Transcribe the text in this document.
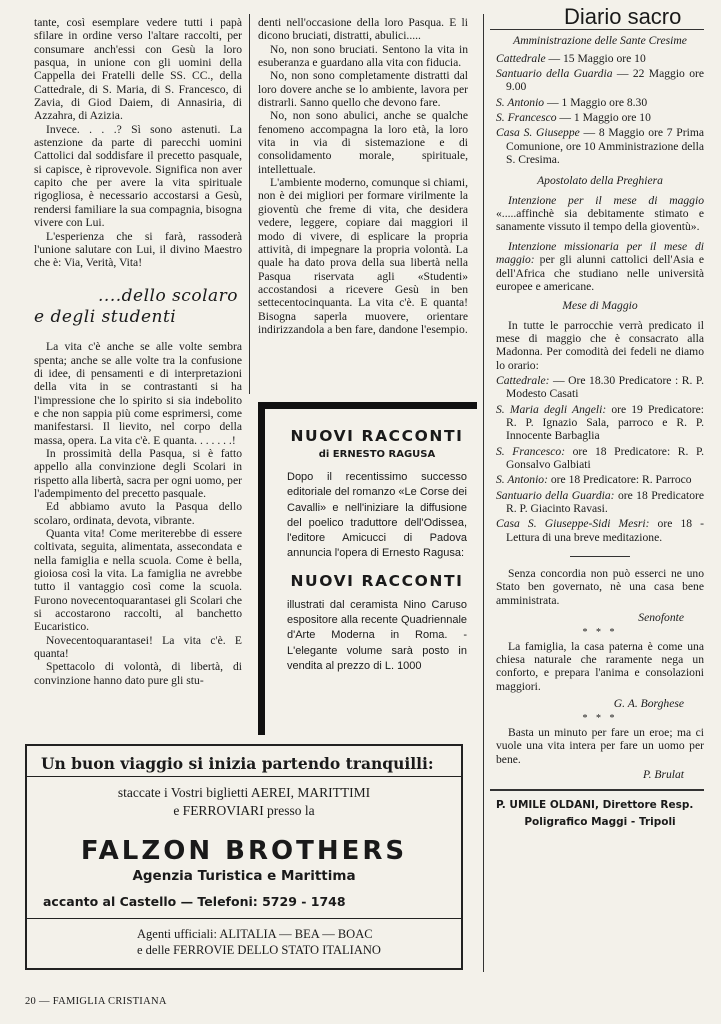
tante, così esemplare vedere tutti i papà sfilare in ordine verso l'altare raccolti, per consumare anch'essi con Gesù la loro pasqua, in unione con gli uomini della Cappella dei Fratelli delle SS. CC., della Cattedrale, di S. Maria, di S. Francesco, di Zavia, di Giod Daiem, di Annasiria, di Azzahra, di Azizia.

Invece. . . .? Sì sono astenuti. La astenzione da parte di parecchi uomini Cattolici dal soddisfare il precetto pasquale, si capisce, è riprovevole. Significa non aver capito che per avere la vita spirituale rigogliosa, è necessario accostarsi a Gesù, rendersi familiare la sua compagnia, bisogna vivere con Lui.

L'esperienza che si farà, rassoderà l'unione salutare con Lui, il divino Maestro che è: Via, Verità, Vita!

....dello scolaro
e degli studenti

La vita c'è anche se alle volte sembra spenta; anche se alle volte tra la confusione di idee, di pensamenti e di interpretazioni della vita in se contrastanti si ha l'impressione che lo spirito si sia indebolito e che non sappia più come esprimersi, come manifestarsi. Il lievito, nel corpo della massa, opera. La vita c'è. E quanta. . . . . . .!

In prossimità della Pasqua, si è fatto appello alla convinzione degli Scolari in rispetto alla libertà, sacra per ogni uomo, per l'adempimento del precetto pasquale.

Ed abbiamo avuto la Pasqua dello scolaro, ordinata, devota, vibrante.

Quanta vita! Come meriterebbe di essere coltivata, seguita, alimentata, assecondata e nella famiglia e nella scuola. Come è bella, gioiosa così la vita. La famiglia ne avrebbe tutto il vantaggio così come la scuola. Furono novecentoquarantasei gli Scolari che si accostarono raccolti, al banchetto Eucaristico.

Novecentoquarantasei! La vita c'è. E quanta!

Spettacolo di volontà, di libertà, di convinzione hanno dato pure gli stu-

denti nell'occasione della loro Pasqua. E li dicono bruciati, distratti, abulici.....

No, non sono bruciati. Sentono la vita in esuberanza e guardano alla vita con fiducia.

No, non sono completamente distratti dal loro dovere anche se lo ambiente, lavora per distrarli. Sanno quello che devono fare.

No, non sono abulici, anche se qualche fenomeno accompagna la loro età, la loro vita in via di sistemazione e di consolidamento morale, spirituale, intellettuale.

L'ambiente moderno, comunque si chiami, non è dei migliori per formare virilmente la gioventù che freme di vita, che desidera vedere, leggere, copiare dai maggiori il modo di vivere, di esplicare la propria attività, di impegnare la propria volontà. La quale ha dato prova della sua libertà nella Pasqua riservata agli «Studenti» accostandosi a ricevere Gesù in ben settecentocinquanta. La vita c'è. E quanta! Bisogna saperla muovere, orientare indirizzandola a ben fare, dandone l'esempio.

NUOVI RACCONTI
di ERNESTO RAGUSA

Dopo il recentissimo successo editoriale del romanzo «Le Corse dei Cavalli» e nell'iniziare la diffusione del poelico traduttore dell'Odissea, l'editore Amicucci di Padova annuncia l'opera di Ernesto Ragusa:

NUOVI RACCONTI

illustrati dal ceramista Nino Caruso espositore alla recente Quadriennale d'Arte Moderna in Roma. - L'elegante volume sarà posto in vendita al prezzo di L. 1000

Un buon viaggio si inizia partendo tranquilli:
staccate i Vostri biglietti AEREI, MARITTIMI
e FERROVIARI presso la
FALZON BROTHERS
Agenzia Turistica e Marittima
accanto al Castello — Telefoni: 5729 - 1748
Agenti ufficiali: ALITALIA — BEA — BOAC
e delle FERROVIE DELLO STATO ITALIANO
Diario sacro
Amministrazione delle Sante Cresime

Cattedrale — 15 Maggio ore 10

Santuario della Guardia — 22 Maggio ore 9.00

S. Antonio — 1 Maggio ore 8.30

S. Francesco — 1 Maggio ore 10

Casa S. Giuseppe — 8 Maggio ore 7 Prima Comunione, ore 10 Amministrazione della S. Cresima.

Apostolato della Preghiera

Intenzione per il mese di maggio «.....affinchè sia debitamente stimato e sanamente vissuto il tempo della gioventù».

Intenzione missionaria per il mese di maggio: per gli alunni cattolici dell'Asia e dell'Africa che studiano nelle università europee e americane.

Mese di Maggio

In tutte le parrocchie verrà predicato il mese di maggio che è consacrato alla Madonna. Per comodità dei fedeli ne diamo lo orario:

Cattedrale: — Ore 18.30 Predicatore : R. P. Modesto Casati

S. Maria degli Angeli: ore 19 Predicatore: R. P. Ignazio Sala, parroco e R. P. Innocente Barbaglia

S. Francesco: ore 18 Predicatore: R. P. Gonsalvo Galbiati

S. Antonio: ore 18 Predicatore: R. Parroco

Santuario della Guardia: ore 18 Predicatore R. P. Giacinto Ravasi.

Casa S. Giuseppe-Sidi Mesri: ore 18 - Lettura di una breve meditazione.

Senza concordia non può esserci ne uno Stato ben governato, nè una casa bene amministrata.

Senofonte
* * *

La famiglia, la casa paterna è come una chiesa naturale che raramente nega un conforto, e prepara l'anima e consolazioni maggiori.

G. A. Borghese
* * *

Basta un minuto per fare un eroe; ma ci vuole una vita intera per fare un uomo per bene.

P. Brulat
P. UMILE OLDANI, Direttore Resp.
Poligrafico Maggi - Tripoli
20 — FAMIGLIA CRISTIANA
